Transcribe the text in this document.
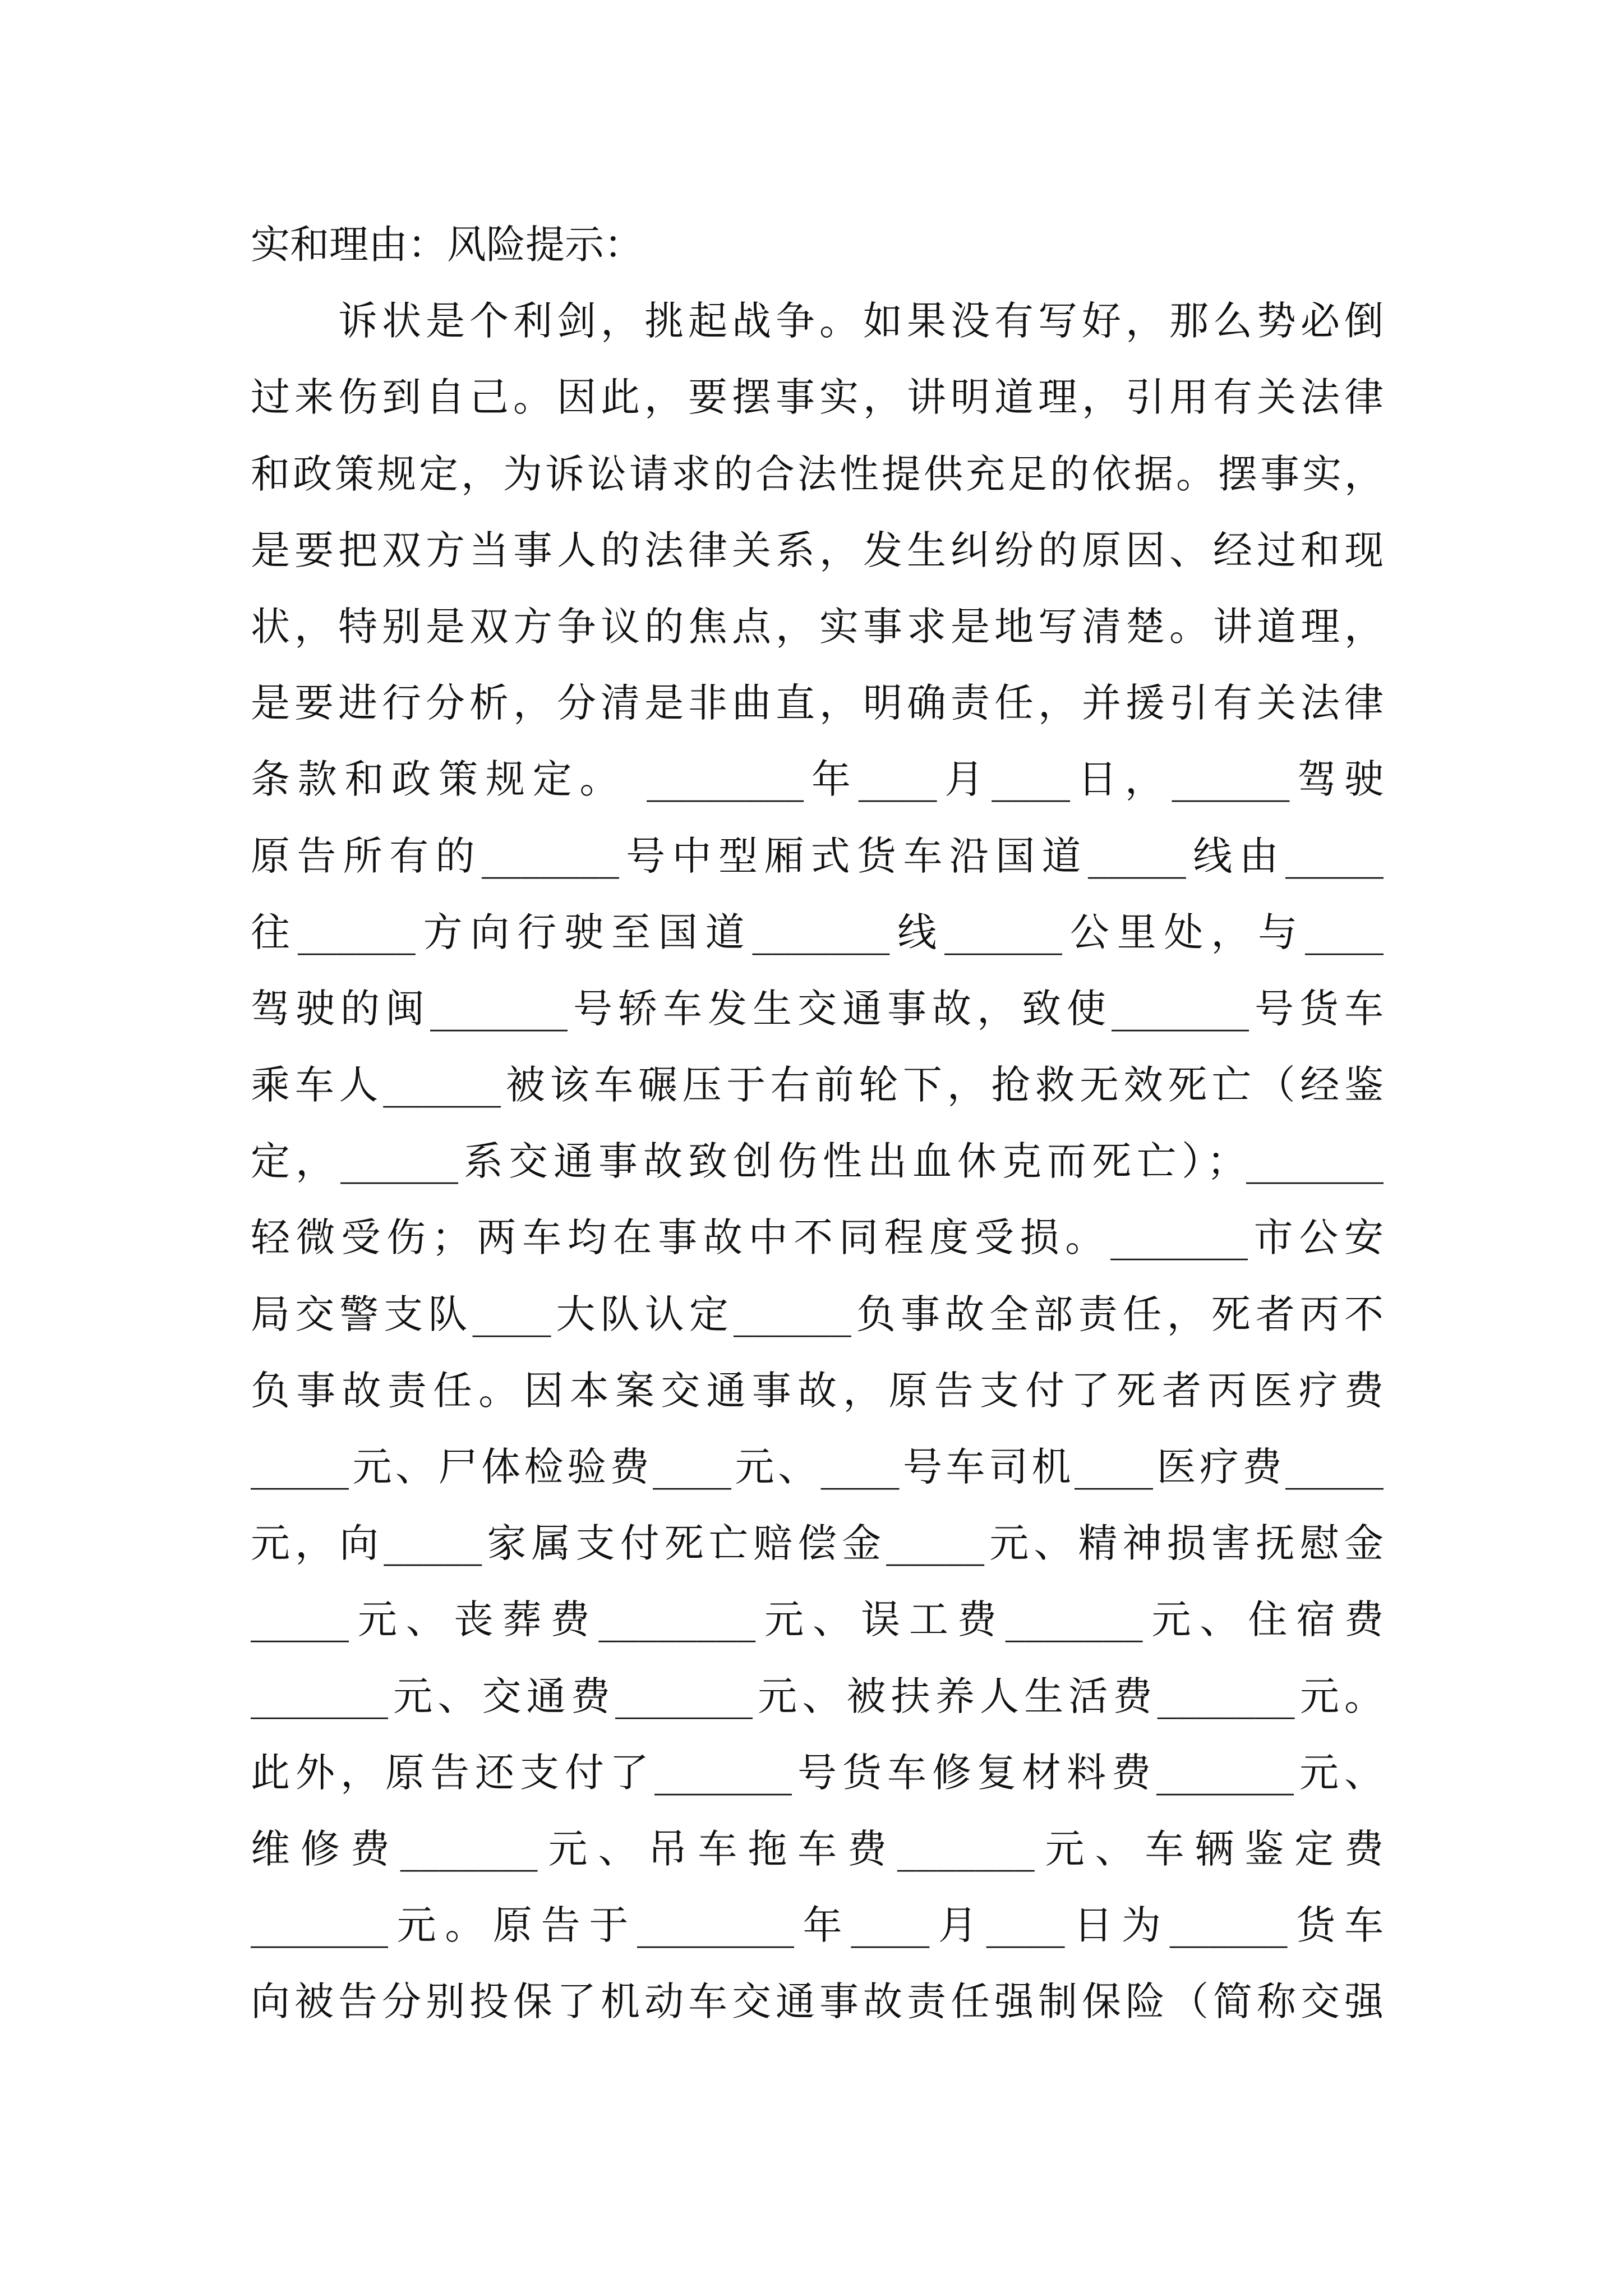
实和理由：风险提示：
　　诉状是个利剑，挑起战争。如果没有写好，那么势必倒
过来伤到自己。因此，要摆事实，讲明道理，引用有关法律
和政策规定，为诉讼请求的合法性提供充足的依据。摆事实，
是要把双方当事人的法律关系，发生纠纷的原因、经过和现
状，特别是双方争议的焦点，实事求是地写清楚。讲道理，
是要进行分析，分清是非曲直，明确责任，并援引有关法律
条款和政策规定。 ________年____月____日，______驾驶
原告所有的_______号中型厢式货车沿国道_____线由_____
往______方向行驶至国道_______线______公里处，与____
驾驶的闽_______号轿车发生交通事故，致使_______号货车
乘车人______被该车碾压于右前轮下，抢救无效死亡（经鉴
定，______系交通事故致创伤性出血休克而死亡）；_______
轻微受伤；两车均在事故中不同程度受损。_______市公安
局交警支队____大队认定______负事故全部责任，死者丙不
负事故责任。因本案交通事故，原告支付了死者丙医疗费
_____元、尸体检验费____元、____号车司机____医疗费_____
元，向_____家属支付死亡赔偿金_____元、精神损害抚慰金
_____元、丧葬费________元、误工费_______元、住宿费
_______元、交通费_______元、被扶养人生活费_______元。
此外，原告还支付了_______号货车修复材料费_______元、
维修费_______元、吊车拖车费_______元、车辆鉴定费
_______元。原告于________年____月____日为______货车
向被告分别投保了机动车交通事故责任强制保险（简称交强
